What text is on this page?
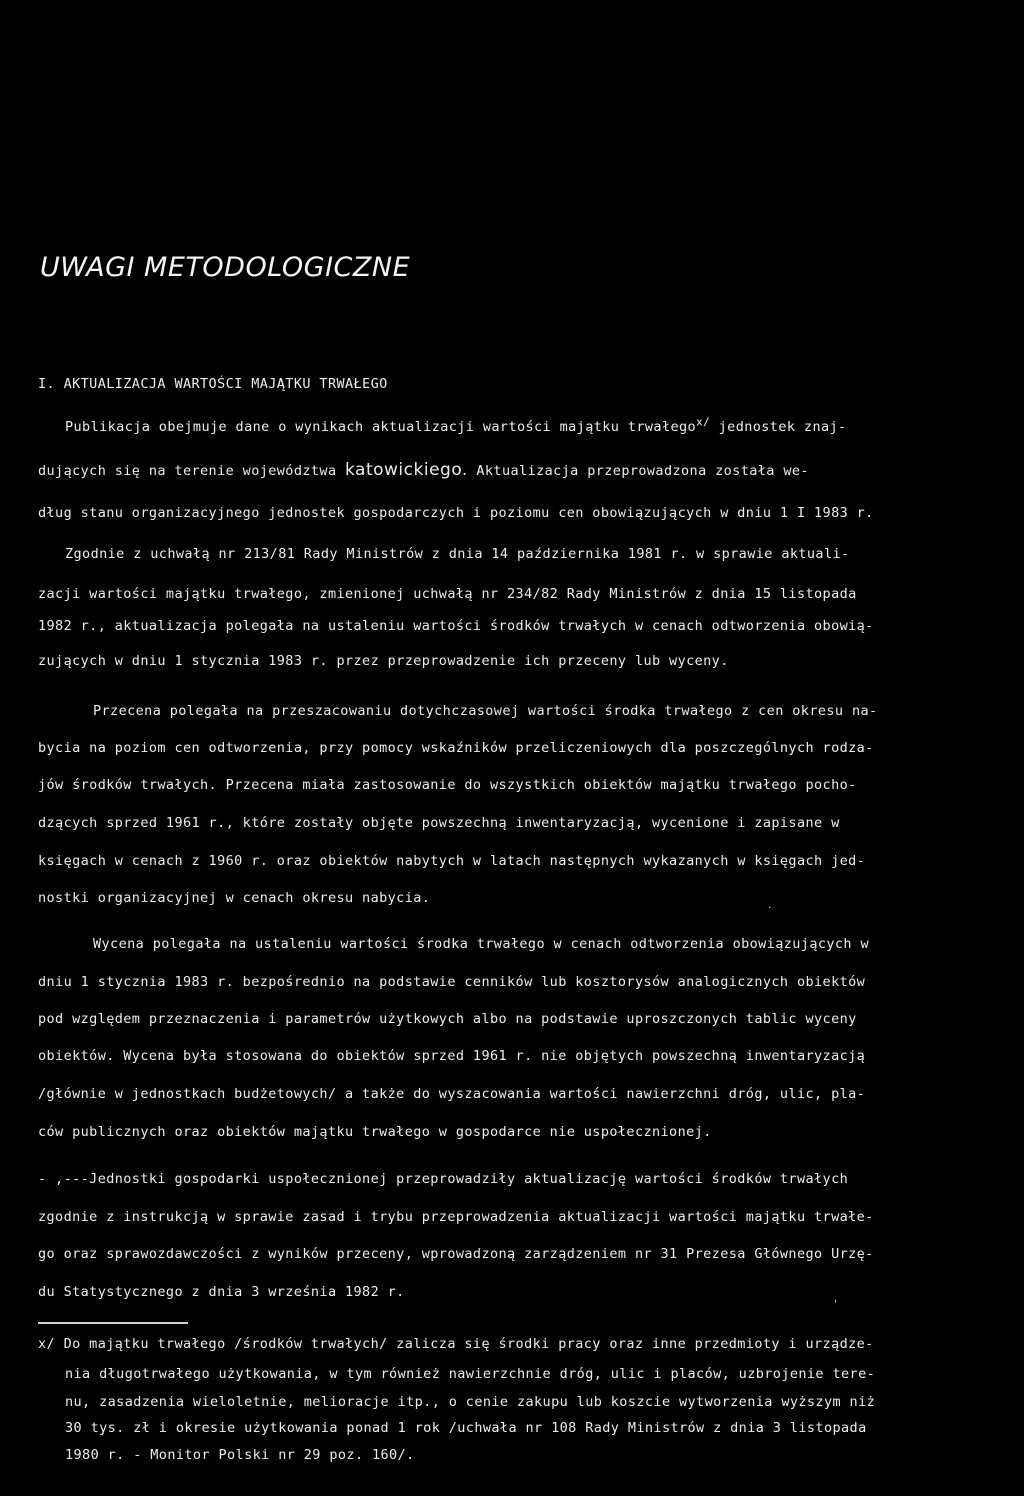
UWAGI METODOLOGICZNE
I. AKTUALIZACJA WARTOŚCI MAJĄTKU TRWAŁEGO
Publikacja obejmuje dane o wynikach aktualizacji wartości majątku trwałego$^{x/}$ jednostek znaj-
dujących się na terenie województwa katowickiego. Aktualizacja przeprowadzona została we-
dług stanu organizacyjnego jednostek gospodarczych i poziomu cen obowiązujących w dniu 1 I 1983 r.
Zgodnie z uchwałą nr 213/81 Rady Ministrów z dnia 14 października 1981 r. w sprawie aktuali-
zacji wartości majątku trwałego, zmienionej uchwałą nr 234/82 Rady Ministrów z dnia 15 listopada
1982 r., aktualizacja polegała na ustaleniu wartości środków trwałych w cenach odtworzenia obowią-
zujących w dniu 1 stycznia 1983 r. przez przeprowadzenie ich przeceny lub wyceny.
Przecena polegała na przeszacowaniu dotychczasowej wartości środka trwałego z cen okresu na-
bycia na poziom cen odtworzenia, przy pomocy wskaźników przeliczeniowych dla poszczególnych rodza-
jów środków trwałych. Przecena miała zastosowanie do wszystkich obiektów majątku trwałego pocho-
dzących sprzed 1961 r., które zostały objęte powszechną inwentaryzacją, wycenione i zapisane w
księgach w cenach z 1960 r. oraz obiektów nabytych w latach następnych wykazanych w księgach jed-
nostki organizacyjnej w cenach okresu nabycia.
˙
Wycena polegała na ustaleniu wartości środka trwałego w cenach odtworzenia obowiązujących w
dniu 1 stycznia 1983 r. bezpośrednio na podstawie cenników lub kosztorysów analogicznych obiektów
pod względem przeznaczenia i parametrów użytkowych albo na podstawie uproszczonych tablic wyceny
obiektów. Wycena była stosowana do obiektów sprzed 1961 r. nie objętych powszechną inwentaryzacją
/głównie w jednostkach budżetowych/ a także do wyszacowania wartości nawierzchni dróg, ulic, pla-
ców publicznych oraz obiektów majątku trwałego w gospodarce nie uspołecznionej.
- ,---Jednostki gospodarki uspołecznionej przeprowadziły aktualizację wartości środków trwałych
zgodnie z instrukcją w sprawie zasad i trybu przeprowadzenia aktualizacji wartości majątku trwałe-
go oraz sprawozdawczości z wyników przeceny, wprowadzoną zarządzeniem nr 31 Prezesa Głównego Urzę-
du Statystycznego z dnia 3 września 1982 r.
ˈ
x/ Do majątku trwałego /środków trwałych/ zalicza się środki pracy oraz inne przedmioty i urządze-
nia długotrwałego użytkowania, w tym również nawierzchnie dróg, ulic i placów, uzbrojenie tere-
nu, zasadzenia wieloletnie, melioracje itp., o cenie zakupu lub koszcie wytworzenia wyższym niż
30 tys. zł i okresie użytkowania ponad 1 rok /uchwała nr 108 Rady Ministrów z dnia 3 listopada
1980 r. - Monitor Polski nr 29 poz. 160/.
